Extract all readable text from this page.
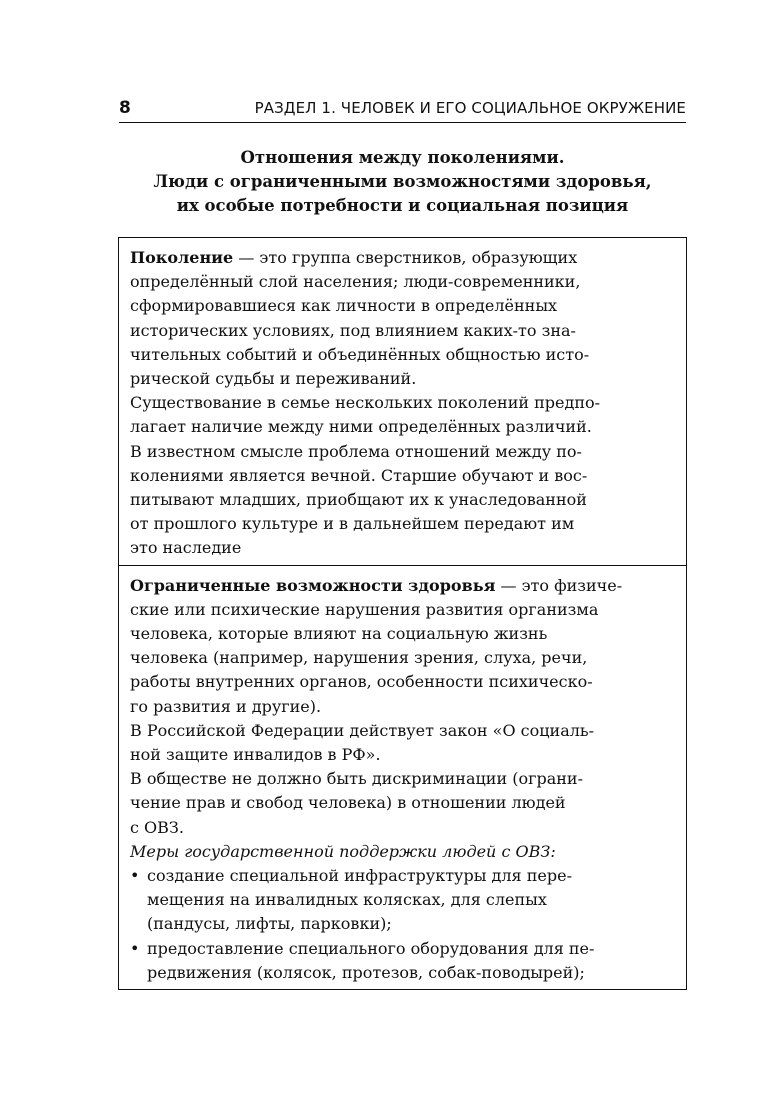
8	РАЗДЕЛ 1. ЧЕЛОВЕК И ЕГО СОЦИАЛЬНОЕ ОКРУЖЕНИЕ
Отношения между поколениями.
Люди с ограниченными возможностями здоровья,
их особые потребности и социальная позиция
Поколение — это группа сверстников, образующих
определённый слой населения; люди-современники,
сформировавшиеся как личности в определённых
исторических условиях, под влиянием каких-то зна-
чительных событий и объединённых общностью исто-
рической судьбы и переживаний.
Существование в семье нескольких поколений предпо-
лагает наличие между ними определённых различий.
В известном смысле проблема отношений между по-
колениями является вечной. Старшие обучают и вос-
питывают младших, приобщают их к унаследованной
от прошлого культуре и в дальнейшем передают им
это наследие
Ограниченные возможности здоровья — это физиче-
ские или психические нарушения развития организма
человека, которые влияют на социальную жизнь
человека (например, нарушения зрения, слуха, речи,
работы внутренних органов, особенности психическо-
го развития и другие).
В Российской Федерации действует закон «О социаль-
ной защите инвалидов в РФ».
В обществе не должно быть дискриминации (ограни-
чение прав и свобод человека) в отношении людей
с ОВЗ.
Меры государственной поддержки людей с ОВЗ:
• создание специальной инфраструктуры для пере-
мещения на инвалидных колясках, для слепых
(пандусы, лифты, парковки);
• предоставление специального оборудования для пе-
редвижения (колясок, протезов, собак-поводырей);
